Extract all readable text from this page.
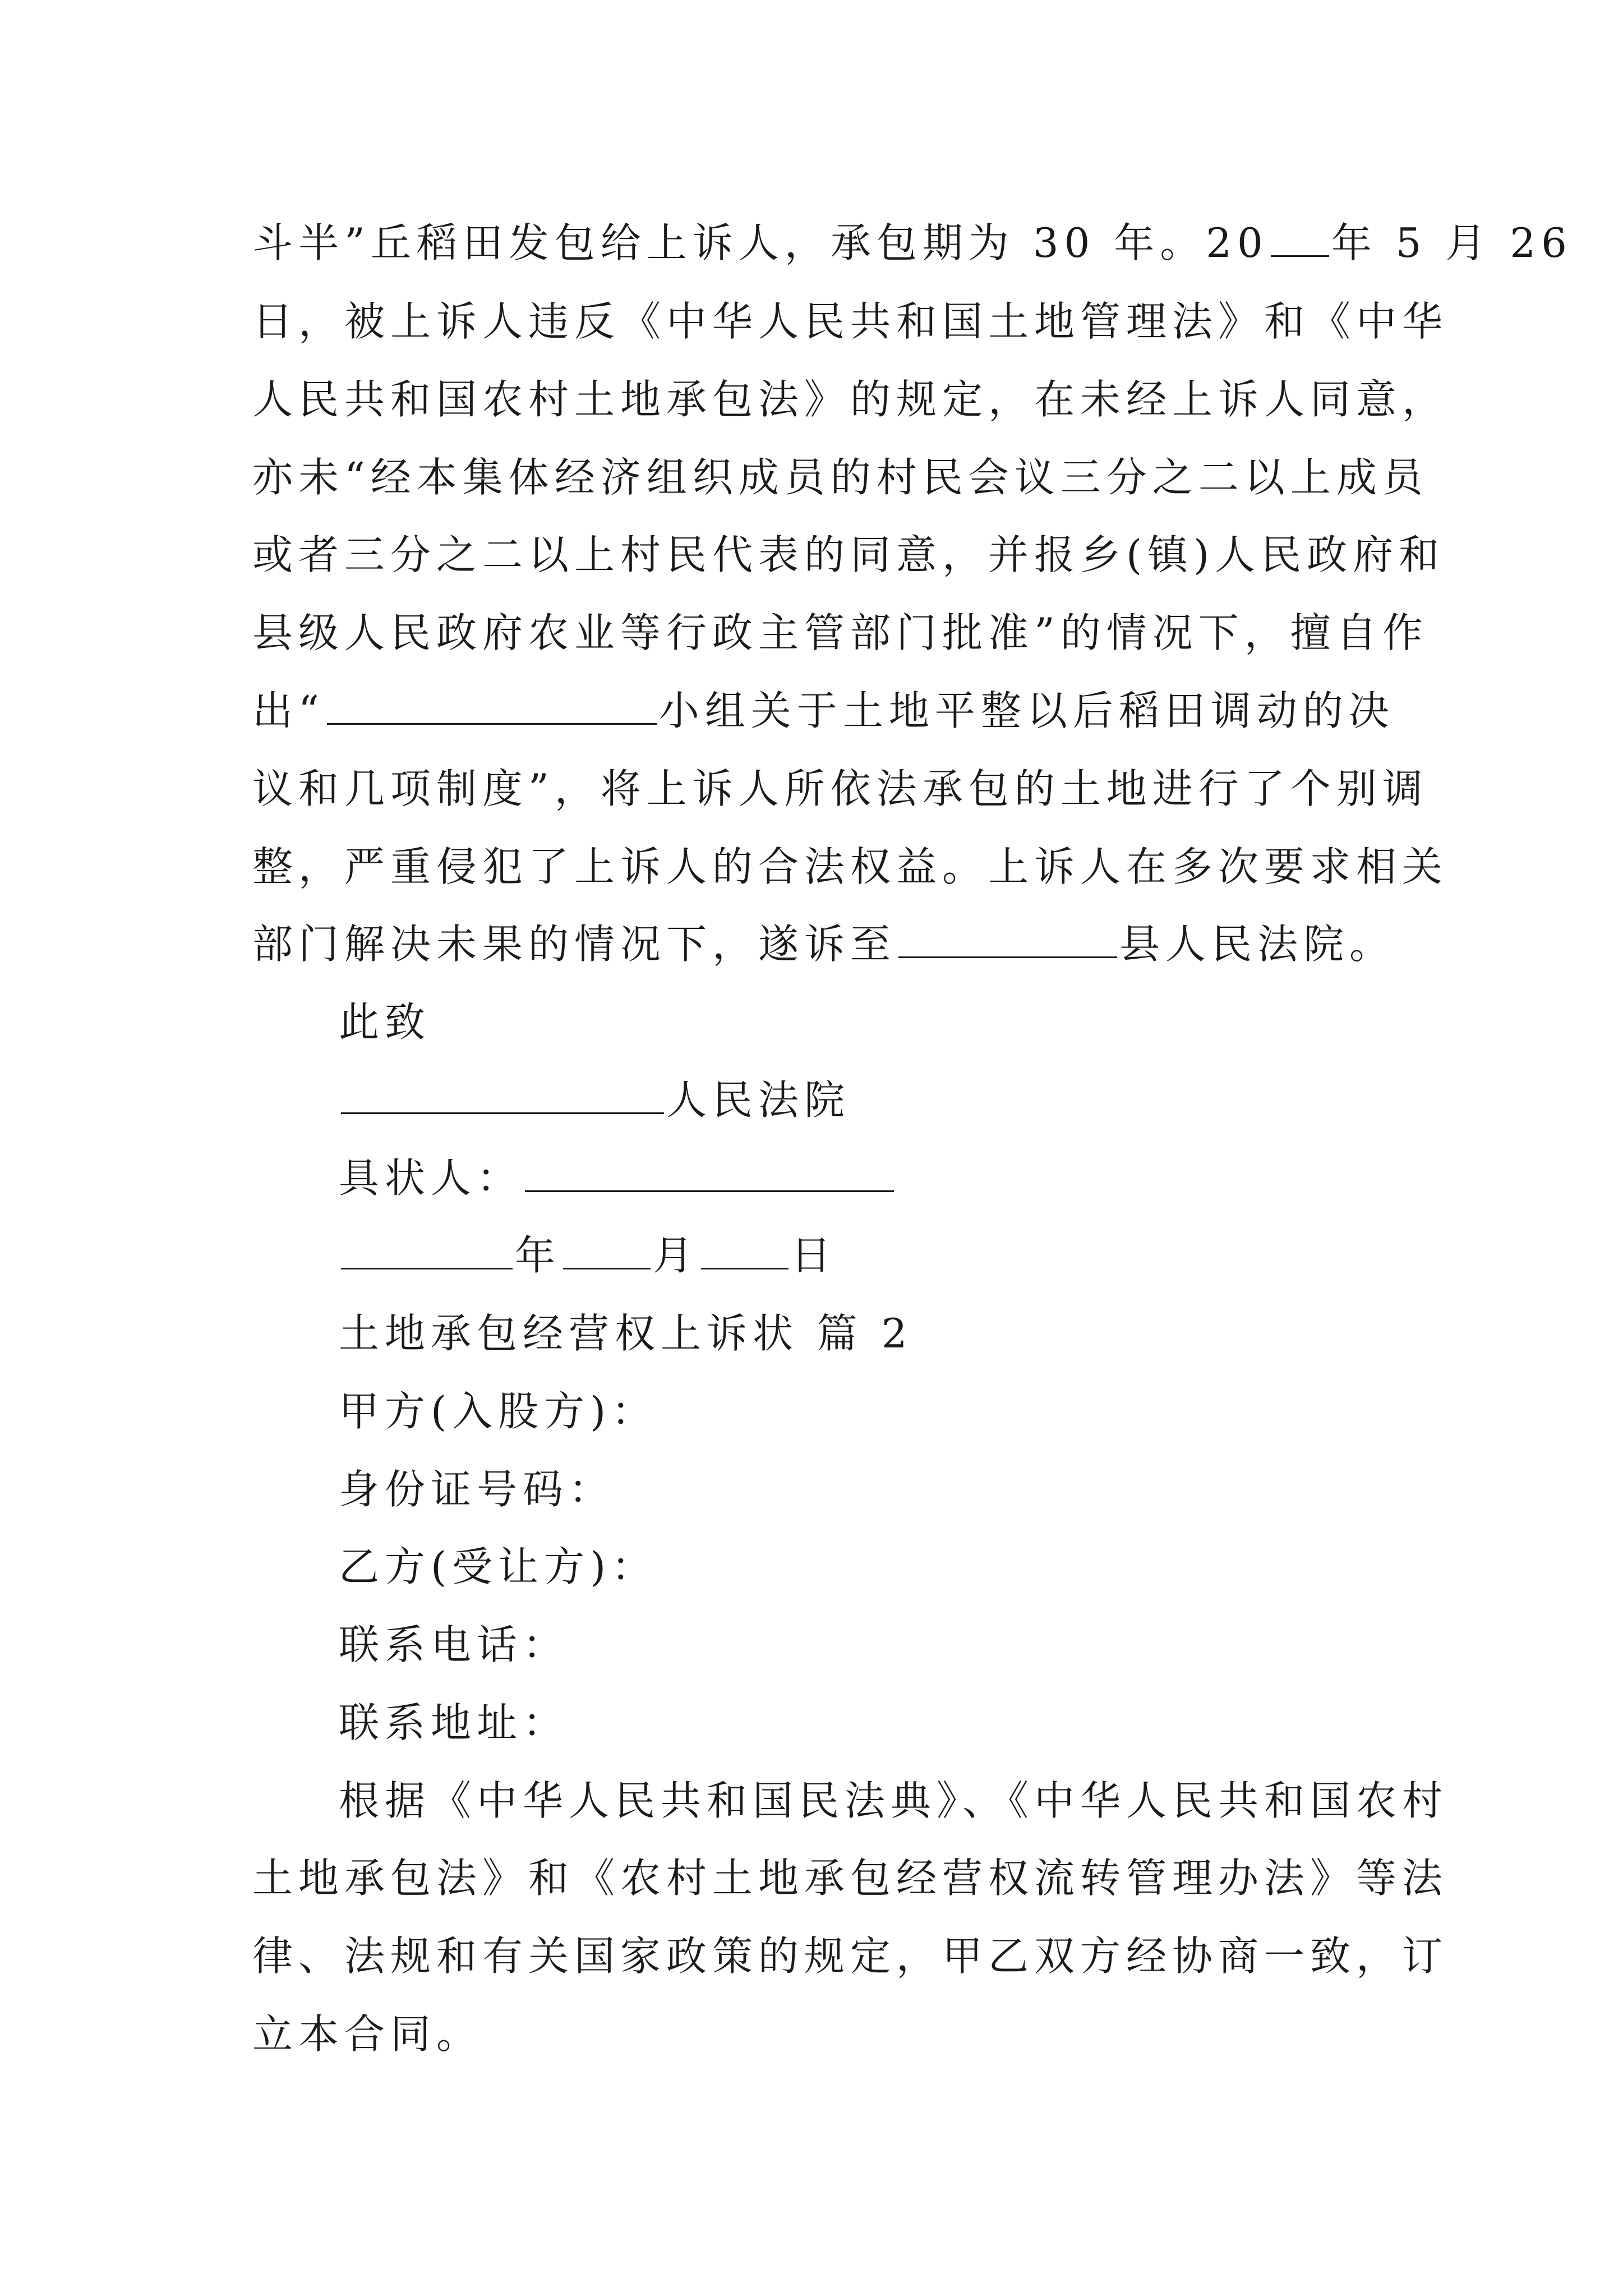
斗半”丘稻田发包给上诉人，承包期为 30 年。20 年 5 月 26
日，被上诉人违反《中华人民共和国土地管理法》和《中华
人民共和国农村土地承包法》的规定，在未经上诉人同意，
亦未“经本集体经济组织成员的村民会议三分之二以上成员
或者三分之二以上村民代表的同意，并报乡(镇)人民政府和
县级人民政府农业等行政主管部门批准”的情况下，擅自作
出“	小组关于土地平整以后稻田调动的决
议和几项制度”，将上诉人所依法承包的土地进行了个别调
整，严重侵犯了上诉人的合法权益。上诉人在多次要求相关
部门解决未果的情况下，遂诉至	县人民法院。
此致
人民法院
具状人：
年 月 日
土地承包经营权上诉状 篇 2
甲方(入股方)：
身份证号码：
乙方(受让方)：
联系电话：
联系地址：
根据《中华人民共和国民法典》、《中华人民共和国农村
土地承包法》和《农村土地承包经营权流转管理办法》等法
律、法规和有关国家政策的规定，甲乙双方经协商一致，订
立本合同。
